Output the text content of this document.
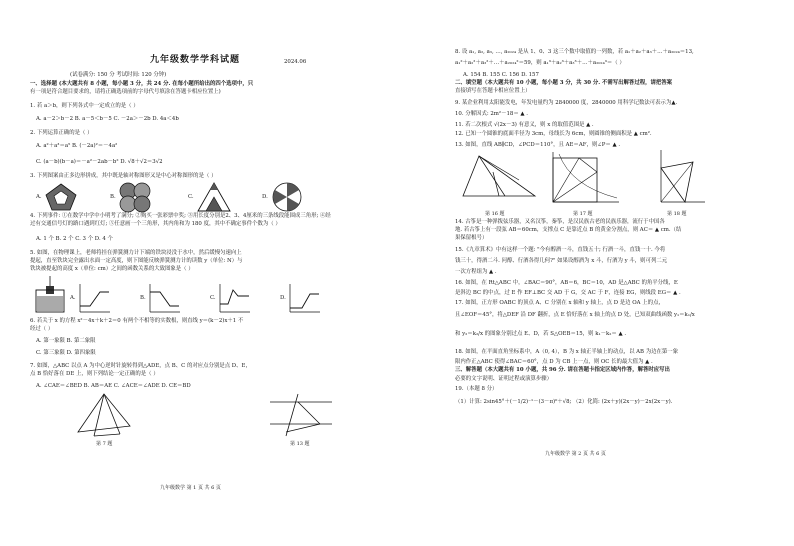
九年级数学学科试题	2024.06
(试卷满分: 150 分 考试时间: 120 分钟)
一、选择题 (本大题共有 8 小题，每小题 3 分，共 24 分. 在每小题所给出的四个选项中，只
有一项是符合题目要求的，请将正确选项前的字母代号填涂在答题卡相应位置上)
1. 若 a＞b，则下列各式中一定成立的是（ ）
A. a－2＞b－2 B. a－5＜b－5 C. －2a＞－2b D. 4a＜4b
2. 下列运算正确的是（ ）
A. a²＋a³＝a⁵ B. (－2a)²＝－4a²
C. (a－b)(b－a)＝－a²－2ab－b² D. √8＋√2＝3√2
3. 下列图案由正多边形拼成，其中既是轴对称图形又是中心对称图形的是（ ）
A.	B.	C.	D.
4. 下列事件: ①在数学中学中小明考了满分; ②购买一张彩票中奖; ③用长度分别是2、3、4厘米的三条线段能围成三角形; ④经
过有交通信号灯的路口遇到红灯; ⑤任意画一个三角形，其内角和为 180 度，其中不确定事件个数为（ ）
A. 1 个 B. 2 个 C. 3 个 D. 4 个
5. 如图，在物理课上，老师将挂在弹簧测力计下端的铁块浸没于水中，然后缓慢匀速向上
提起，直至铁块完全露出水面一定高度，则下图能反映弹簧测力计的读数 y（单位: N）与
铁块被提起的高度 x（单位: cm）之间的函数关系的大致图象是（ ）
A.	B.	C.	D.
6. 若关于 x 的方程 x²－4x＋k＋2＝0 有两个不相等的实数根，则直线 y＝(k－2)x＋1 不
经过（ ）
A. 第一象限 B. 第二象限
C. 第三象限 D. 第四象限
7. 如图，△ABC 以点 A 为中心逆时针旋转得到△ADE，点 B、C 的对应点分别是点 D、E，
点 B 恰好落在 DE 上，则下列结论一定正确的是（ ）
A. ∠CAE＝∠BED B. AB＝AE C. ∠ACE＝∠ADE D. CE＝BD
第 7 题	第 13 题
九年级数学 第 1 页 共 6 页
8. 设 a₁, a₂, a₃, …, a₂₀₂₄ 是从 1、0、3 这三个数中取值的一列数，若 a₁＋a₂＋a₃＋…＋a₂₀₂₄＝13,
a₁²＋a₂²＋a₃²＋…＋a₂₀₂₄²＝59，则 a₁³＋a₂³＋a₃³＋…＋a₂₀₂₄³＝（ ）
A. 154 B. 155 C. 156 D. 157
二、填空题（本大题共有 10 小题，每小题 3 分，共 30 分. 不需写出解答过程，请把答案
直接填写在答题卡相应位置上）
9. 某企业利用太阳能发电，年发电量约为 2840000 度，2840000 用科学记数法可表示为▲.
10. 分解因式: 2m²－18＝ ▲ .
11. 若二次根式 √(2x－3) 有意义，则 x 的取值范围是 ▲ .
12. 已知一个圆锥的底面半径为 3cm，母线长为 6cm，则圆锥的侧面积是 ▲ cm².
13. 如图，直线 AB∥CD，∠PCD＝110°，且 AE＝AF，则∠P＝ ▲ .
第 16 题	第 17 题	第 18 题
14. 古筝是一种弹拨弦乐器，又名汉筝，秦筝，是汉民族古老的民族乐器，流行于中国各
地. 若古筝上有一段弦 AB＝60cm，支撑点 C 是靠近点 B 的黄金分割点，则 AC＝ ▲ cm.（结
果保留根号）
15.《九章算术》中有这样一个题: "今有醇酒一斗，直钱五十; 行酒一斗，直钱一十. 今将
钱三十，得酒二斗. 问醇、行酒各得几何?" 如果设醇酒为 x 斗，行酒为 y 斗，则可列二元
一次方程组为 ▲ .
16. 如图，在 Rt△ABC 中，∠BAC＝90°，AB＝6，BC＝10，AD 是△ABC 的角平分线，E
是斜边 BC 的中点，过 E 作 EF⊥BC 交 AD 于 G，交 AC 于 F，连接 EG，则线段 EG＝ ▲ .
17. 如图，正方形 OABC 的顶点 A、C 分别在 x 轴和 y 轴上，点 D 是边 OA 上的点，
且∠EOF＝45°，将△DEF 沿 DF 翻折，点 E 恰好落在 x 轴上的点 D 处，已知双曲线函数 y₁＝k₁/x
和 y₂＝k₂/x 的图象分别过点 E、D，若 S△OEB＝15，则 k₁－k₂＝ ▲ .
18. 如图，在平面直角坐标系中，A（0, 4），B 为 x 轴正半轴上的动点，以 AB 为边在第一象
限内作正△ABC 使得∠BAC＝60°，点 D 为 CB 上一点，则 OC 长的最大值为 ▲ .
三、解答题（本大题共有 10 小题，共 96 分. 请在答题卡指定区域内作答，解答时应写出
必要的文字说明、证明过程或演算步骤）
19.（本题 8 分）
（1）计算: 2sin45°＋(－1/2)⁻¹－(3－π)⁰＋√8; （2）化简: (2x＋y)(2x－y)－2x(2x－y).
九年级数学 第 2 页 共 6 页
